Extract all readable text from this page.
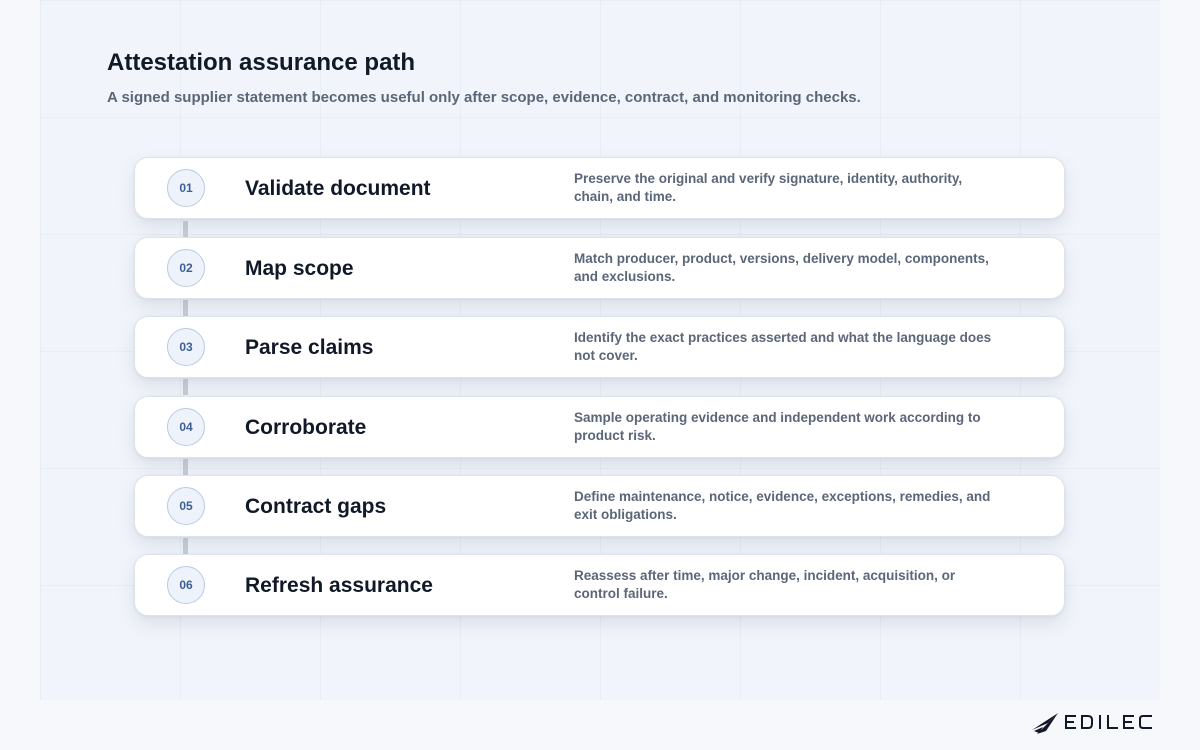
Attestation assurance path

A signed supplier statement becomes useful only after scope, evidence, contract, and monitoring checks.

01	Validate document	Preserve the original and verify signature, identity, authority, chain, and time.
02	Map scope	Match producer, product, versions, delivery model, components, and exclusions.
03	Parse claims	Identify the exact practices asserted and what the language does not cover.
04	Corroborate	Sample operating evidence and independent work according to product risk.
05	Contract gaps	Define maintenance, notice, evidence, exceptions, remedies, and exit obligations.
06	Refresh assurance	Reassess after time, major change, incident, acquisition, or control failure.
